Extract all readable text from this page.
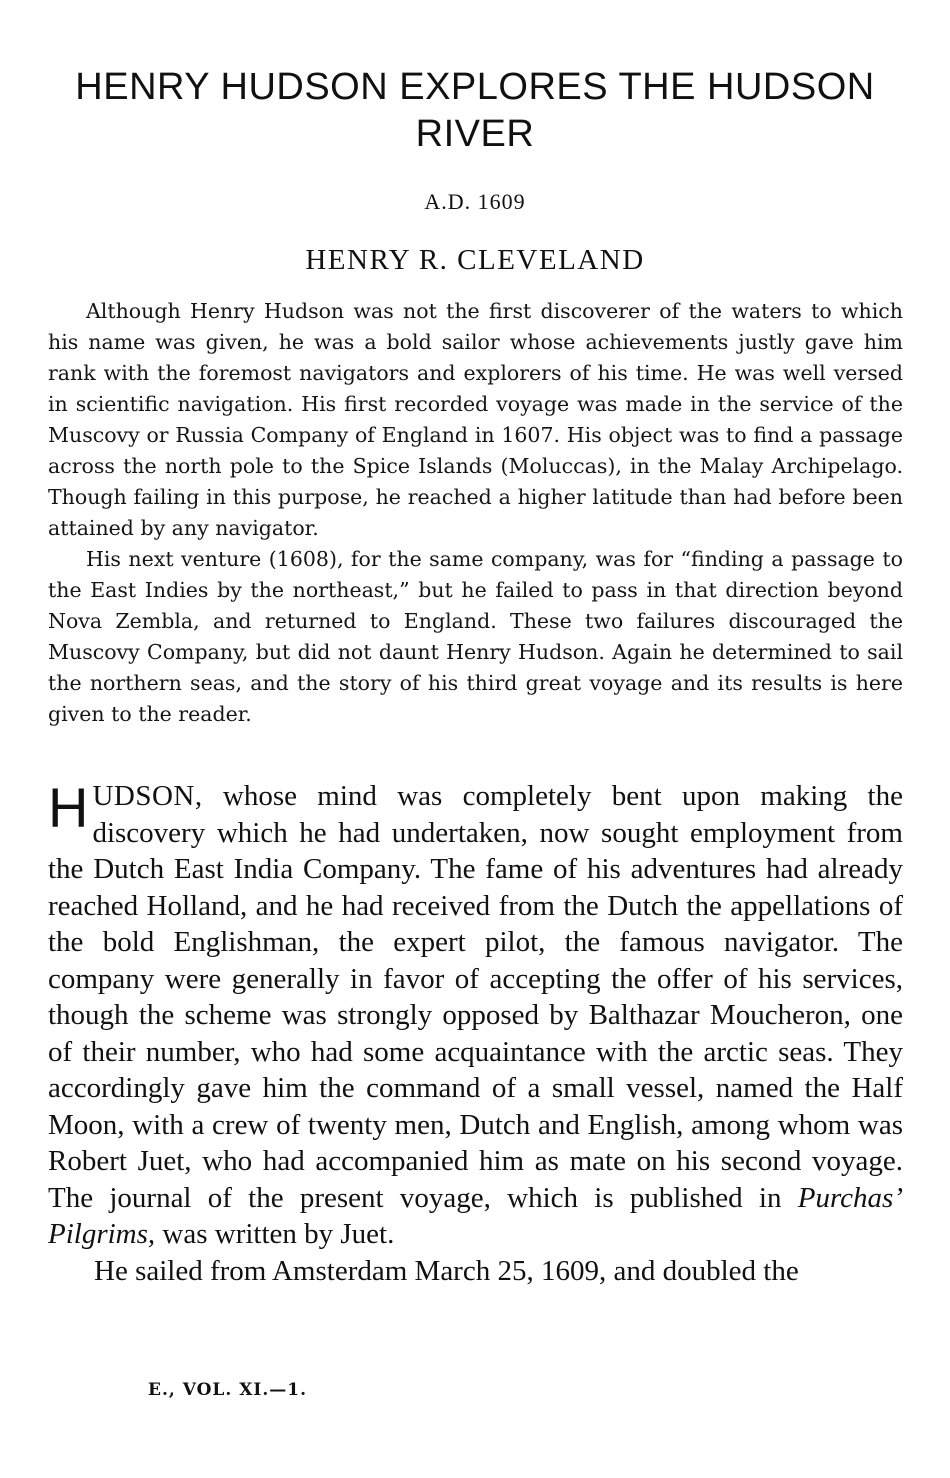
HENRY HUDSON EXPLORES THE HUDSON RIVER
A.D. 1609
HENRY R. CLEVELAND

Although Henry Hudson was not the first discoverer of the waters to which his name was given, he was a bold sailor whose achievements justly gave him rank with the foremost navigators and explorers of his time. He was well versed in scientific navigation. His first recorded voyage was made in the service of the Muscovy or Russia Company of England in 1607. His object was to find a passage across the north pole to the Spice Islands (Moluccas), in the Malay Archipelago. Though failing in this purpose, he reached a higher latitude than had before been attained by any navigator.

His next venture (1608), for the same company, was for “finding a passage to the East Indies by the northeast,” but he failed to pass in that direction beyond Nova Zembla, and returned to England. These two failures discouraged the Muscovy Company, but did not daunt Henry Hudson. Again he determined to sail the northern seas, and the story of his third great voyage and its results is here given to the reader.

HUDSON, whose mind was completely bent upon making the discovery which he had undertaken, now sought employment from the Dutch East India Company. The fame of his adventures had already reached Holland, and he had received from the Dutch the appellations of the bold Englishman, the expert pilot, the famous navigator. The company were generally in favor of accepting the offer of his services, though the scheme was strongly opposed by Balthazar Moucheron, one of their number, who had some acquaintance with the arctic seas. They accordingly gave him the command of a small vessel, named the Half Moon, with a crew of twenty men, Dutch and English, among whom was Robert Juet, who had accompanied him as mate on his second voyage. The journal of the present voyage, which is published in Purchas’ Pilgrims, was written by Juet.

He sailed from Amsterdam March 25, 1609, and doubled the

E., VOL. XI.—1.
